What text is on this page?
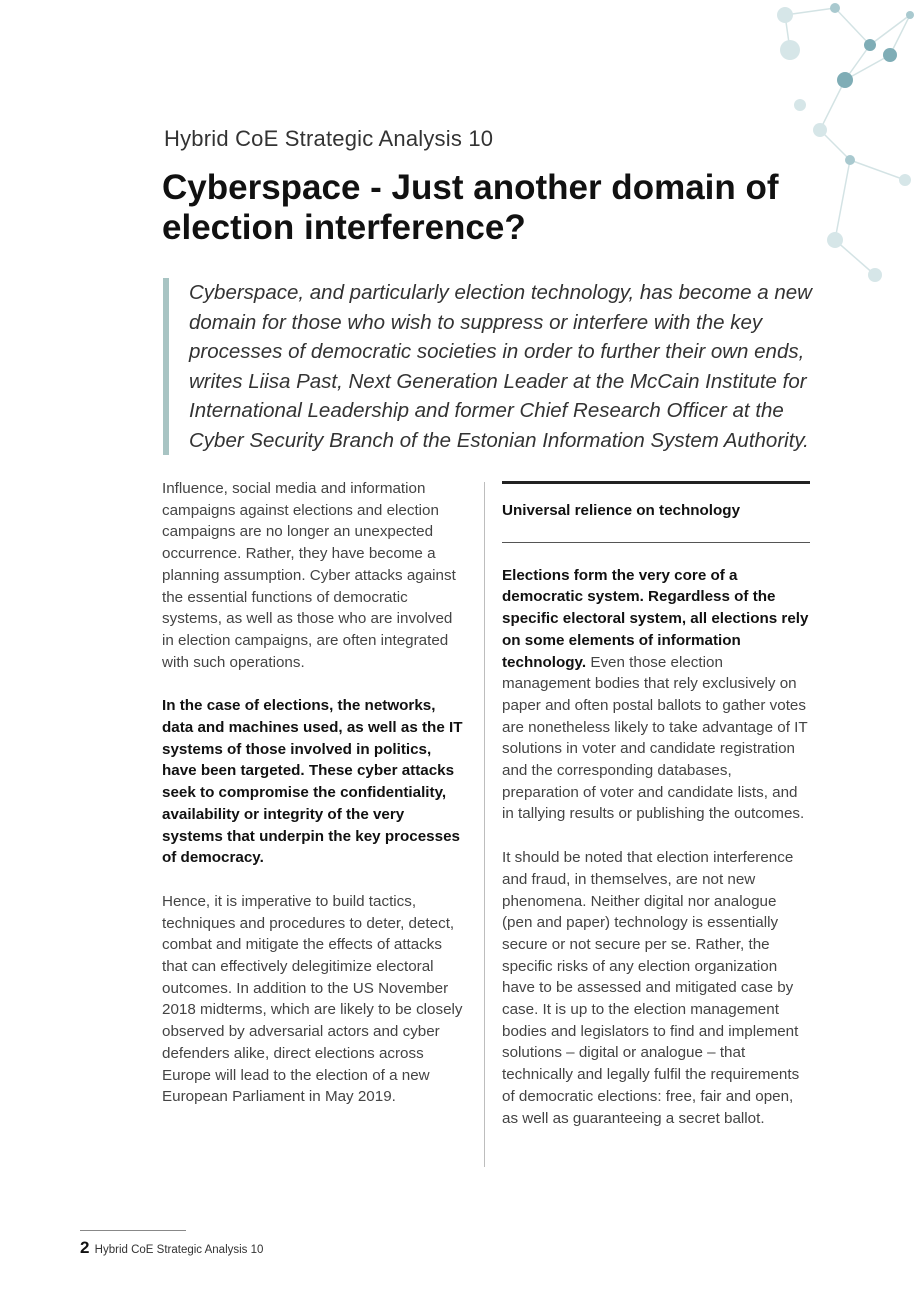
Hybrid CoE Strategic Analysis 10
Cyberspace - Just another domain of election interference?

Cyberspace, and particularly election technology, has become a new domain for those who wish to suppress or interfere with the key processes of democratic societies in order to further their own ends, writes Liisa Past, Next Generation Leader at the McCain Institute for International Leadership and former Chief Research Officer at the Cyber Security Branch of the Estonian Information System Authority.

Influence, social media and information campaigns against elections and election campaigns are no longer an unexpected occurrence. Rather, they have become a planning assumption. Cyber attacks against the essential functions of democratic systems, as well as those who are involved in election campaigns, are often integrated with such operations.

In the case of elections, the networks, data and machines used, as well as the IT systems of those involved in politics, have been targeted. These cyber attacks seek to compromise the confidentiality, availability or integrity of the very systems that underpin the key processes of democracy.

Hence, it is imperative to build tactics, techniques and procedures to deter, detect, combat and mitigate the effects of attacks that can effectively delegitimize electoral outcomes. In addition to the US November 2018 midterms, which are likely to be closely observed by adversarial actors and cyber defenders alike, direct elections across Europe will lead to the election of a new European Parliament in May 2019.

Universal relience on technology

Elections form the very core of a democratic system. Regardless of the specific electoral system, all elections rely on some elements of information technology. Even those election management bodies that rely exclusively on paper and often postal ballots to gather votes are nonetheless likely to take advantage of IT solutions in voter and candidate registration and the corresponding databases, preparation of voter and candidate lists, and in tallying results or publishing the outcomes.

It should be noted that election interference and fraud, in themselves, are not new phenomena. Neither digital nor analogue (pen and paper) technology is essentially secure or not secure per se. Rather, the specific risks of any election organization have to be assessed and mitigated case by case. It is up to the election management bodies and legislators to find and implement solutions – digital or analogue – that technically and legally fulfil the requirements of democratic elections: free, fair and open, as well as guaranteeing a secret ballot.

2 Hybrid CoE Strategic Analysis 10
